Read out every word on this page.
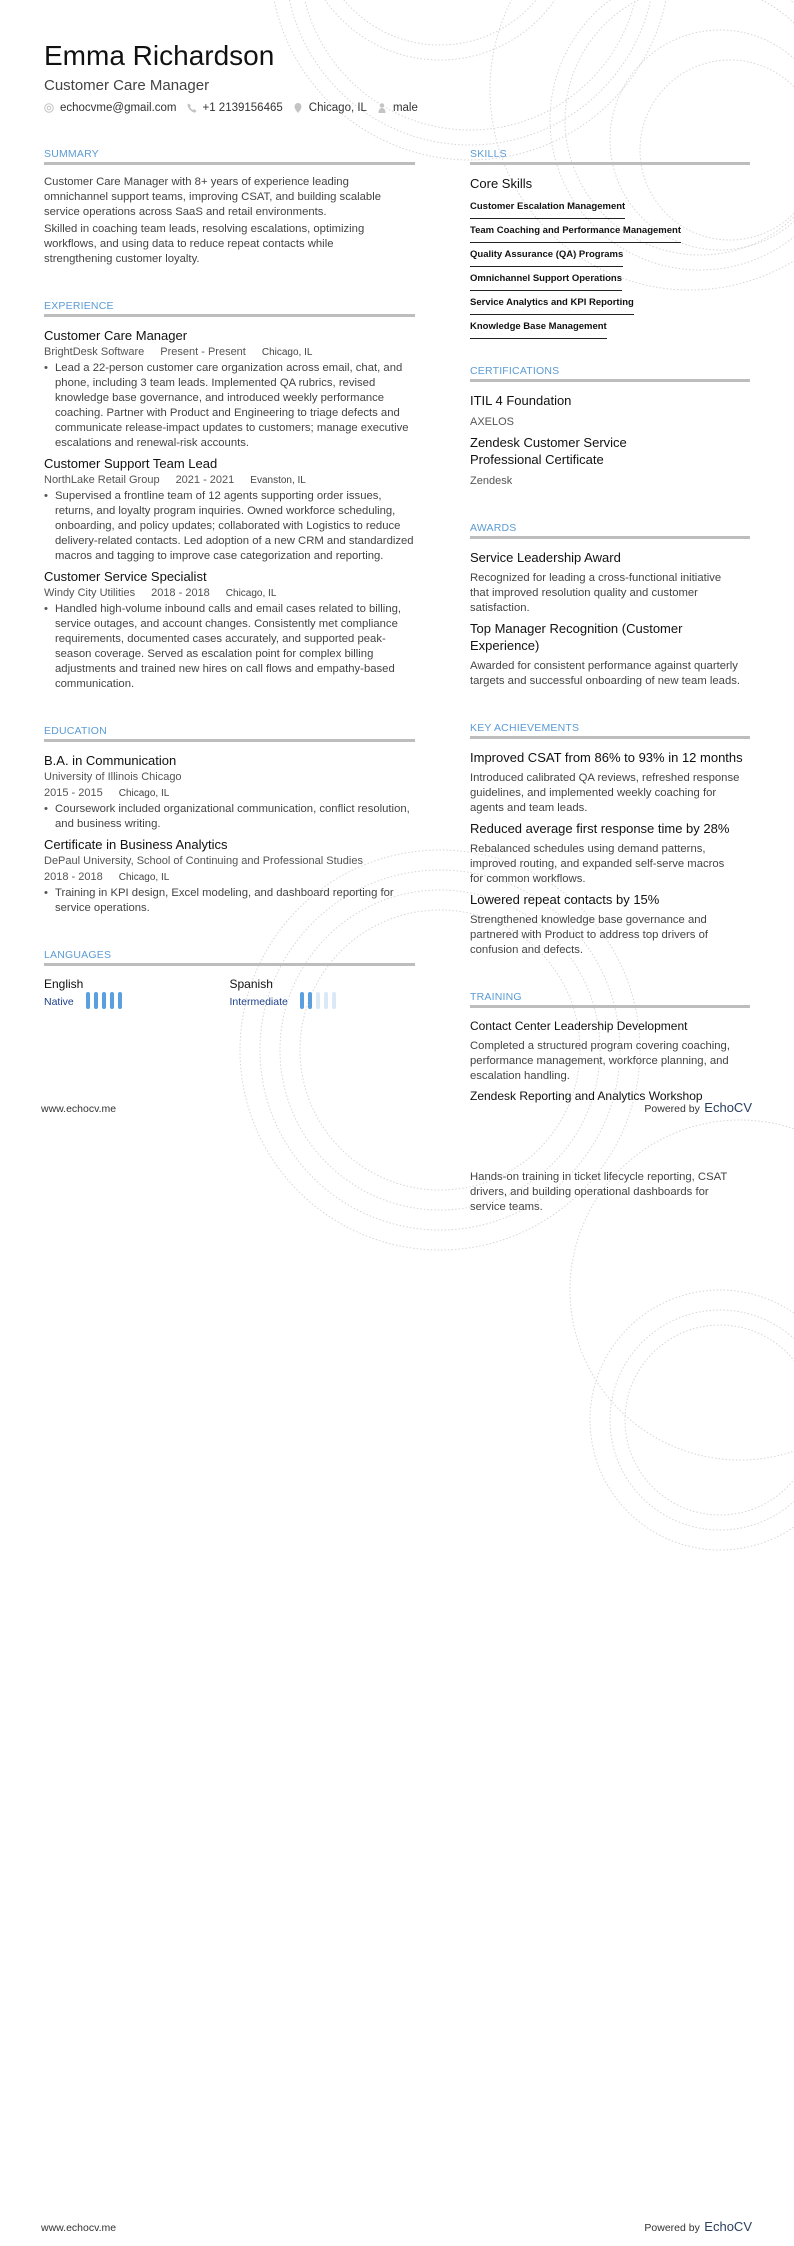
Emma Richardson
Customer Care Manager
echocvme@gmail.com +1 2139156465 Chicago, IL male
SUMMARY
Customer Care Manager with 8+ years of experience leading omnichannel support teams, improving CSAT, and building scalable service operations across SaaS and retail environments.
Skilled in coaching team leads, resolving escalations, optimizing workflows, and using data to reduce repeat contacts while strengthening customer loyalty.
EXPERIENCE
Customer Care Manager
BrightDesk Software Present - Present Chicago, IL
• Lead a 22-person customer care organization across email, chat, and phone, including 3 team leads. Implemented QA rubrics, revised knowledge base governance, and introduced weekly performance coaching. Partner with Product and Engineering to triage defects and communicate release-impact updates to customers; manage executive escalations and renewal-risk accounts.
Customer Support Team Lead
NorthLake Retail Group 2021 - 2021 Evanston, IL
• Supervised a frontline team of 12 agents supporting order issues, returns, and loyalty program inquiries. Owned workforce scheduling, onboarding, and policy updates; collaborated with Logistics to reduce delivery-related contacts. Led adoption of a new CRM and standardized macros and tagging to improve case categorization and reporting.
Customer Service Specialist
Windy City Utilities 2018 - 2018 Chicago, IL
• Handled high-volume inbound calls and email cases related to billing, service outages, and account changes. Consistently met compliance requirements, documented cases accurately, and supported peak-season coverage. Served as escalation point for complex billing adjustments and trained new hires on call flows and empathy-based communication.
EDUCATION
B.A. in Communication
University of Illinois Chicago
2015 - 2015 Chicago, IL
• Coursework included organizational communication, conflict resolution, and business writing.
Certificate in Business Analytics
DePaul University, School of Continuing and Professional Studies
2018 - 2018 Chicago, IL
• Training in KPI design, Excel modeling, and dashboard reporting for service operations.
LANGUAGES
English
Native
Spanish
Intermediate
SKILLS
Core Skills
Customer Escalation Management
Team Coaching and Performance Management
Quality Assurance (QA) Programs
Omnichannel Support Operations
Service Analytics and KPI Reporting
Knowledge Base Management
CERTIFICATIONS
ITIL 4 Foundation
AXELOS
Zendesk Customer Service Professional Certificate
Zendesk
AWARDS
Service Leadership Award
Recognized for leading a cross-functional initiative that improved resolution quality and customer satisfaction.
Top Manager Recognition (Customer Experience)
Awarded for consistent performance against quarterly targets and successful onboarding of new team leads.
KEY ACHIEVEMENTS
Improved CSAT from 86% to 93% in 12 months
Introduced calibrated QA reviews, refreshed response guidelines, and implemented weekly coaching for agents and team leads.
Reduced average first response time by 28%
Rebalanced schedules using demand patterns, improved routing, and expanded self-serve macros for common workflows.
Lowered repeat contacts by 15%
Strengthened knowledge base governance and partnered with Product to address top drivers of confusion and defects.
TRAINING
Contact Center Leadership Development
Completed a structured program covering coaching, performance management, workforce planning, and escalation handling.
Zendesk Reporting and Analytics Workshop
Hands-on training in ticket lifecycle reporting, CSAT drivers, and building operational dashboards for service teams.
www.echocv.me	Powered by EchoCV
www.echocv.me	Powered by EchoCV
